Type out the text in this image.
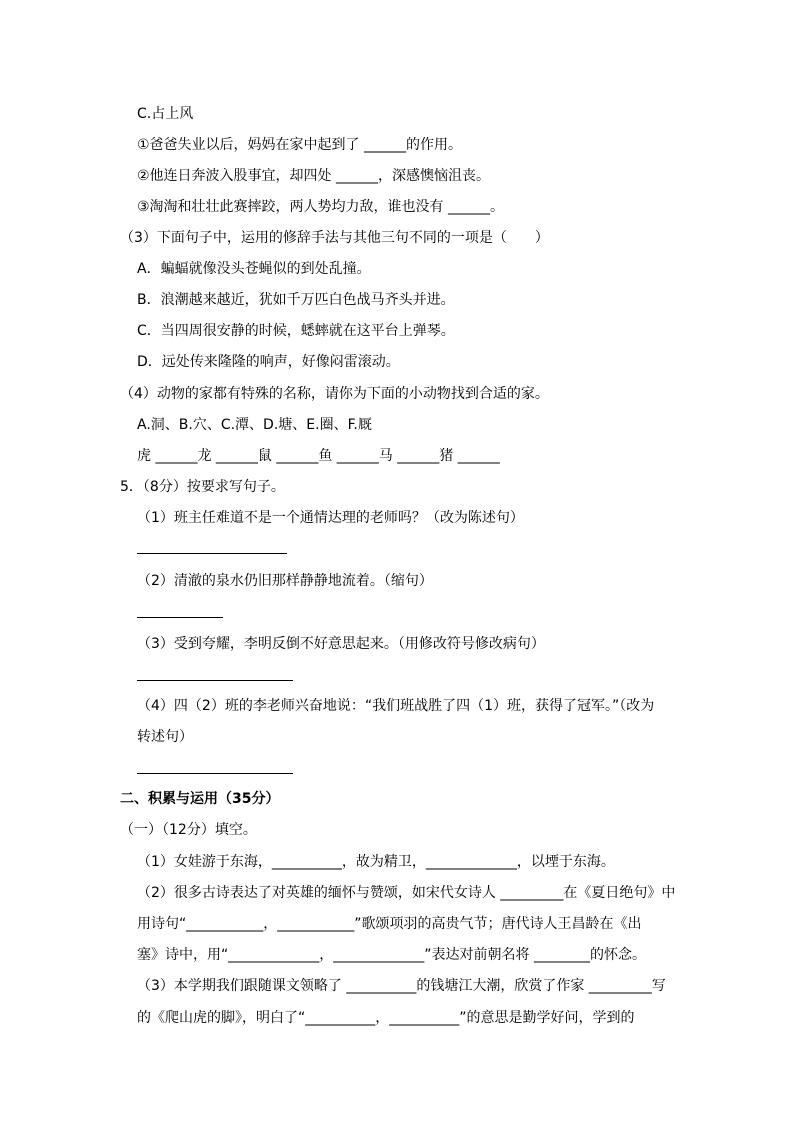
C.占上风
①爸爸失业以后，妈妈在家中起到了 ______的作用。
②他连日奔波入股事宜，却四处 ______，深感懊恼沮丧。
③淘淘和壮壮此赛摔跤，两人势均力敌，谁也没有 ______。
（3）下面句子中，运用的修辞手法与其他三句不同的一项是（　　）
A．蝙蝠就像没头苍蝇似的到处乱撞。
B．浪潮越来越近，犹如千万匹白色战马齐头并进。
C．当四周很安静的时候，蟋蟀就在这平台上弹琴。
D．远处传来隆隆的响声，好像闷雷滚动。
（4）动物的家都有特殊的名称，请你为下面的小动物找到合适的家。
A.洞、B.穴、C.潭、D.塘、E.圈、F.厩
虎 ______龙 ______鼠 ______鱼 ______马 ______猪 ______
5．（8分）按要求写句子。
（1）班主任难道不是一个通情达理的老师吗？（改为陈述句）
（2）清澈的泉水仍旧那样静静地流着。（缩句）
（3）受到夸耀，李明反倒不好意思起来。（用修改符号修改病句）
（4）四（2）班的李老师兴奋地说：“我们班战胜了四（1）班，获得了冠军。”（改为
转述句）
二、积累与运用（35分）
（一）（12分）填空。
（1）女娃游于东海，__________，故为精卫，_____________，以堙于东海。
（2）很多古诗表达了对英雄的缅怀与赞颂，如宋代女诗人 _________在《夏日绝句》中
用诗句“___________，___________”歌颂项羽的高贵气节；唐代诗人王昌龄在《出
塞》诗中，用“_____________，_____________”表达对前朝名将 ________的怀念。
（3）本学期我们跟随课文领略了 __________的钱塘江大潮，欣赏了作家 _________写
的《爬山虎的脚》，明白了“__________，__________”的意思是勤学好问，学到的
